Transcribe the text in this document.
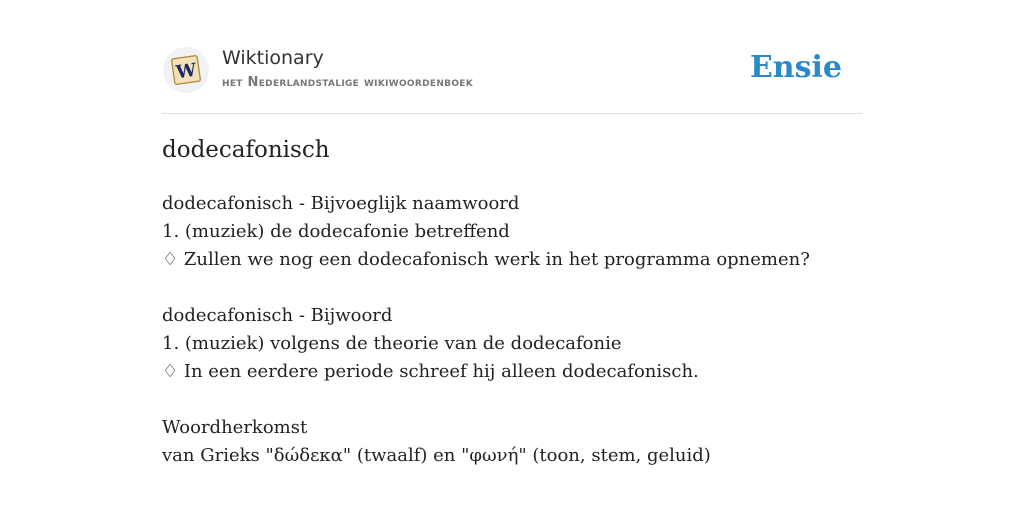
W
Wiktionary
het Nederlandstalige wikiwoordenboek	Ensie
dodecafonisch
dodecafonisch - Bijvoeglijk naamwoord
1. (muziek) de dodecafonie betreffend
♢ Zullen we nog een dodecafonisch werk in het programma opnemen?
dodecafonisch - Bijwoord
1. (muziek) volgens de theorie van de dodecafonie
♢ In een eerdere periode schreef hij alleen dodecafonisch.
Woordherkomst
van Grieks "δώδεκα" (twaalf) en "φωνή" (toon, stem, geluid)
